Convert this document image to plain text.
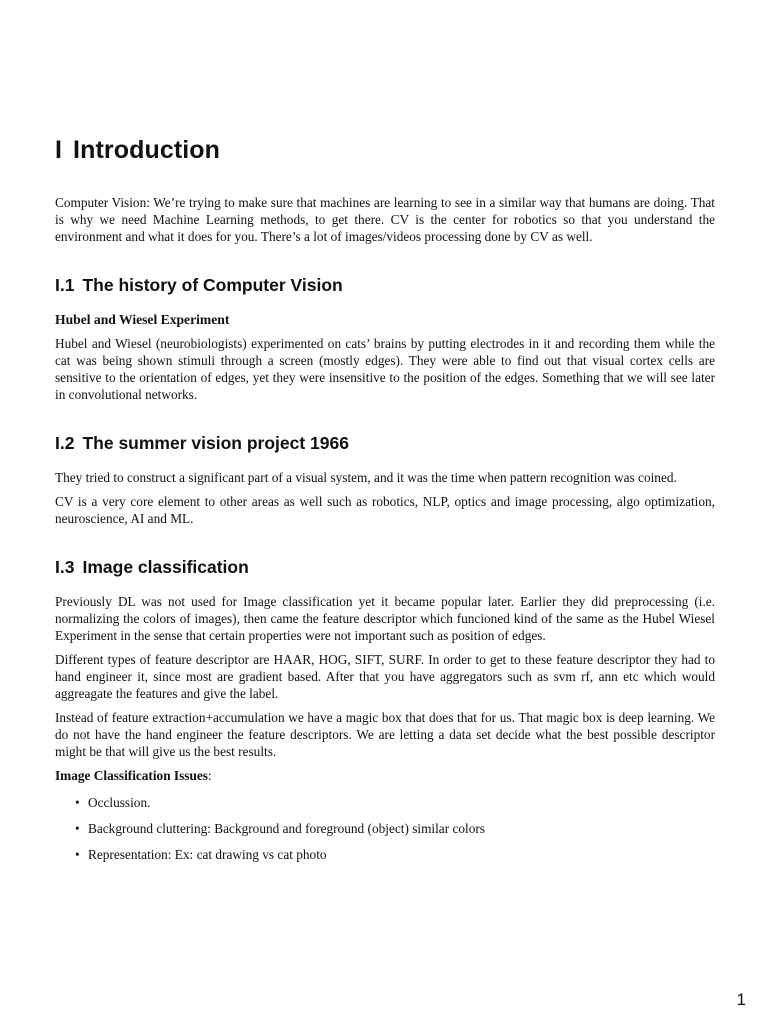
I Introduction

Computer Vision: We’re trying to make sure that machines are learning to see in a similar way that humans are doing. That is why we need Machine Learning methods, to get there. CV is the center for robotics so that you understand the environment and what it does for you. There’s a lot of images/videos processing done by CV as well.

I.1 The history of Computer Vision
Hubel and Wiesel Experiment

Hubel and Wiesel (neurobiologists) experimented on cats’ brains by putting electrodes in it and recording them while the cat was being shown stimuli through a screen (mostly edges). They were able to find out that visual cortex cells are sensitive to the orientation of edges, yet they were insensitive to the position of the edges. Something that we will see later in convolutional networks.

I.2 The summer vision project 1966

They tried to construct a significant part of a visual system, and it was the time when pattern recognition was coined.

CV is a very core element to other areas as well such as robotics, NLP, optics and image processing, algo optimization, neuroscience, AI and ML.

I.3 Image classification

Previously DL was not used for Image classification yet it became popular later. Earlier they did preprocessing (i.e. normalizing the colors of images), then came the feature descriptor which funcioned kind of the same as the Hubel Wiesel Experiment in the sense that certain properties were not important such as position of edges.

Different types of feature descriptor are HAAR, HOG, SIFT, SURF. In order to get to these feature descriptor they had to hand engineer it, since most are gradient based. After that you have aggregators such as svm rf, ann etc which would aggreagate the features and give the label.

Instead of feature extraction+accumulation we have a magic box that does that for us. That magic box is deep learning. We do not have the hand engineer the feature descriptors. We are letting a data set decide what the best possible descriptor might be that will give us the best results.

Image Classification Issues:
• Occlussion.
• Background cluttering: Background and foreground (object) similar colors
• Representation: Ex: cat drawing vs cat photo
1
